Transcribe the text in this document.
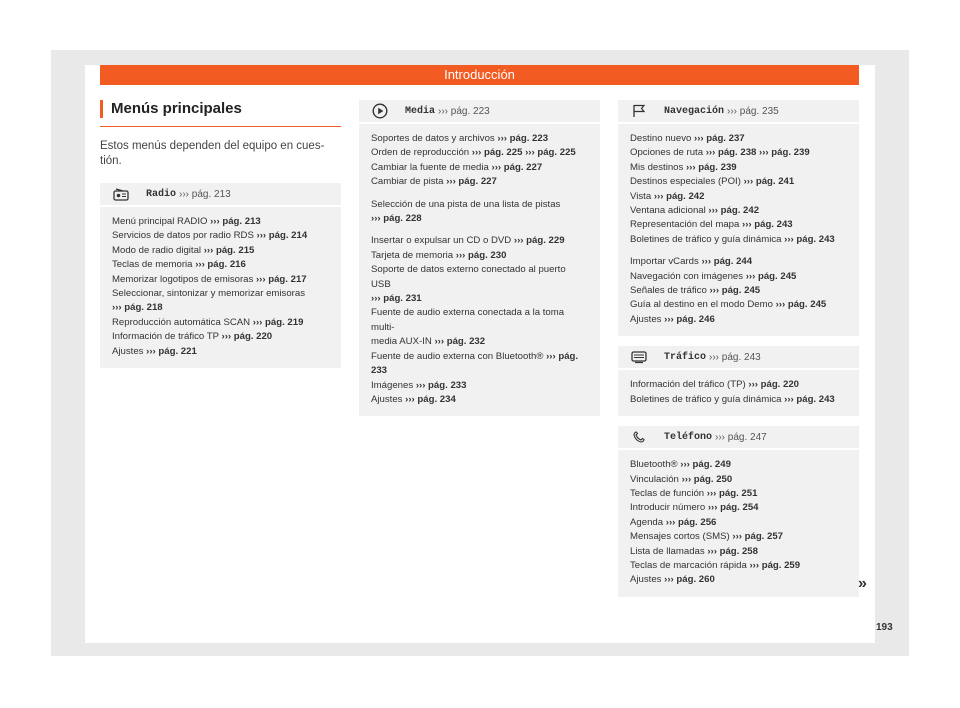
Introducción
Menús principales
Estos menús dependen del equipo en cues-tión.
Radio ››› pág. 213
Menú principal RADIO ››› pág. 213
Servicios de datos por radio RDS ››› pág. 214
Modo de radio digital ››› pág. 215
Teclas de memoria ››› pág. 216
Memorizar logotipos de emisoras ››› pág. 217
Seleccionar, sintonizar y memorizar emisoras
››› pág. 218
Reproducción automática SCAN ››› pág. 219
Información de tráfico TP ››› pág. 220
Ajustes ››› pág. 221
Media ››› pág. 223
Soportes de datos y archivos ››› pág. 223
Orden de reproducción ››› pág. 225 ››› pág. 225
Cambiar la fuente de media ››› pág. 227
Cambiar de pista ››› pág. 227
Selección de una pista de una lista de pistas
››› pág. 228
Insertar o expulsar un CD o DVD ››› pág. 229
Tarjeta de memoria ››› pág. 230
Soporte de datos externo conectado al puerto USB
››› pág. 231
Fuente de audio externa conectada a la toma multi-
media AUX-IN ››› pág. 232
Fuente de audio externa con Bluetooth® ››› pág. 233
Imágenes ››› pág. 233
Ajustes ››› pág. 234
Navegación ››› pág. 235
Destino nuevo ››› pág. 237
Opciones de ruta ››› pág. 238 ››› pág. 239
Mis destinos ››› pág. 239
Destinos especiales (POI) ››› pág. 241
Vista ››› pág. 242
Ventana adicional ››› pág. 242
Representación del mapa ››› pág. 243
Boletines de tráfico y guía dinámica ››› pág. 243
Importar vCards ››› pág. 244
Navegación con imágenes ››› pág. 245
Señales de tráfico ››› pág. 245
Guía al destino en el modo Demo ››› pág. 245
Ajustes ››› pág. 246
Tráfico ››› pág. 243
Información del tráfico (TP) ››› pág. 220
Boletines de tráfico y guía dinámica ››› pág. 243
Teléfono ››› pág. 247
Bluetooth® ››› pág. 249
Vinculación ››› pág. 250
Teclas de función ››› pág. 251
Introducir número ››› pág. 254
Agenda ››› pág. 256
Mensajes cortos (SMS) ››› pág. 257
Lista de llamadas ››› pág. 258
Teclas de marcación rápida ››› pág. 259
Ajustes ››› pág. 260	»
193
